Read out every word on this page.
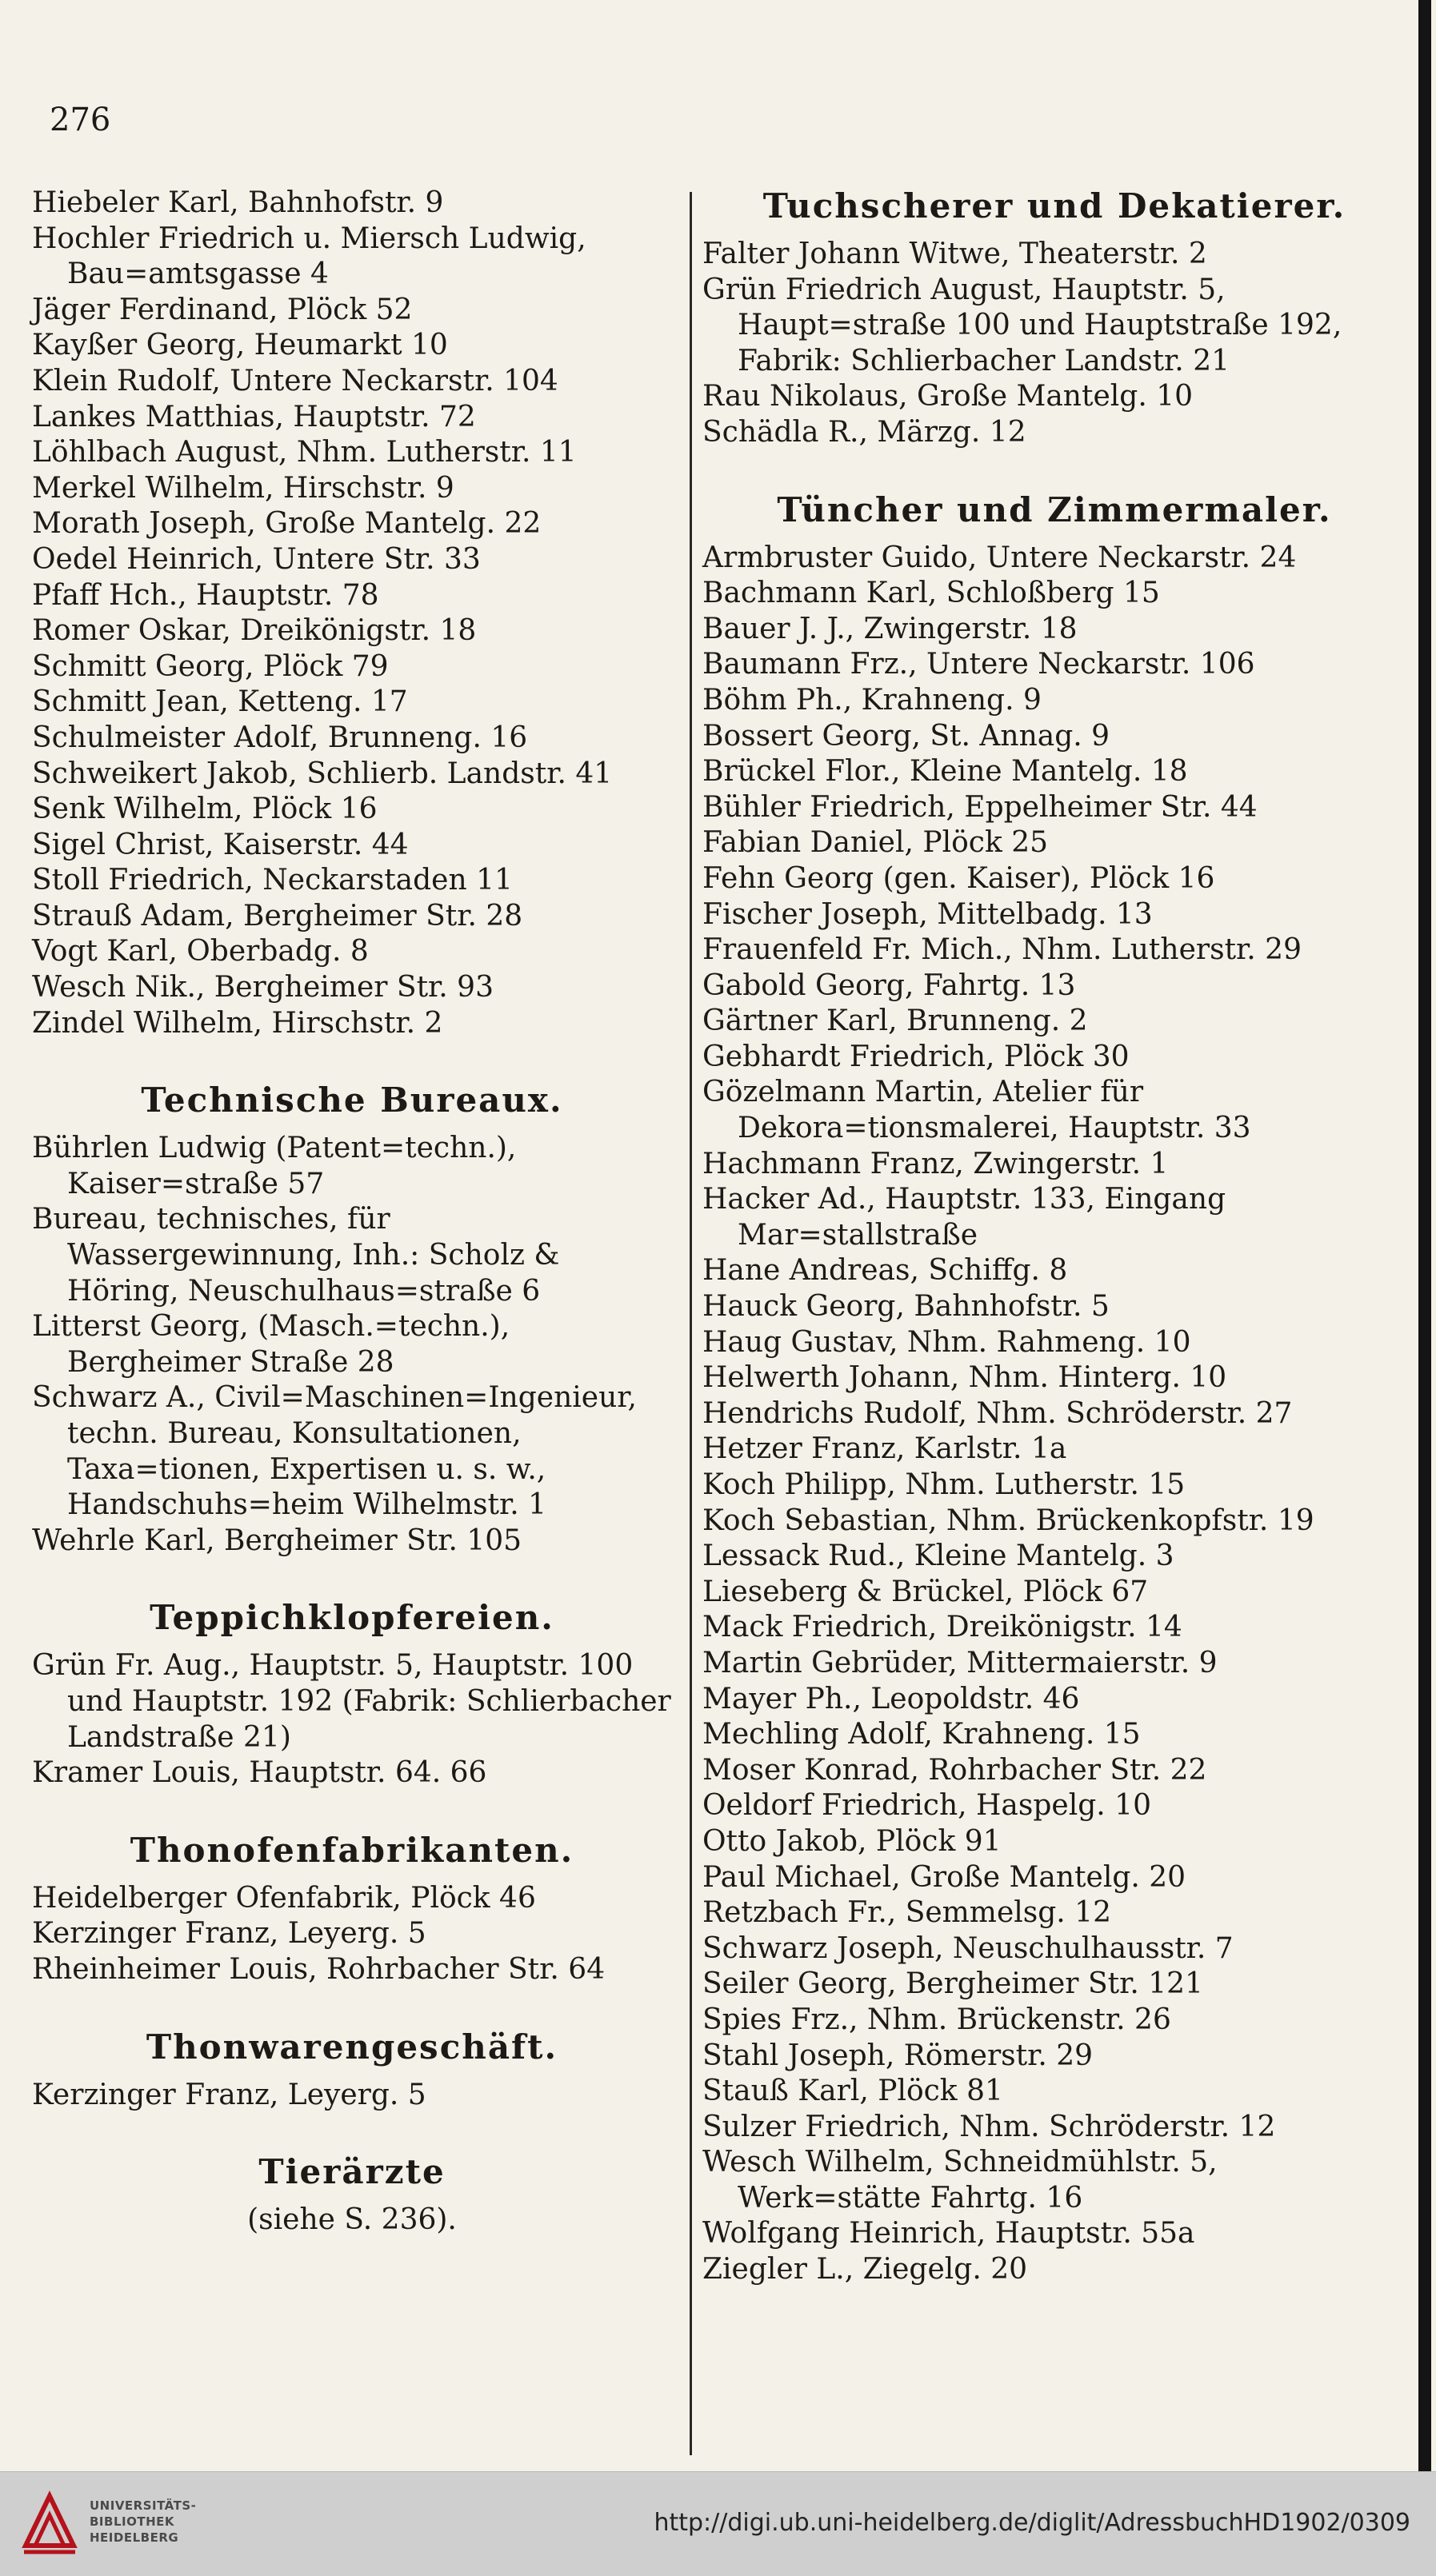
276
Hiebeler Karl, Bahnhofstr. 9
Hochler Friedrich u. Miersch Ludwig, Bau=amtsgasse 4
Jäger Ferdinand, Plöck 52
Kayßer Georg, Heumarkt 10
Klein Rudolf, Untere Neckarstr. 104
Lankes Matthias, Hauptstr. 72
Löhlbach August, Nhm. Lutherstr. 11
Merkel Wilhelm, Hirschstr. 9
Morath Joseph, Große Mantelg. 22
Oedel Heinrich, Untere Str. 33
Pfaff Hch., Hauptstr. 78
Romer Oskar, Dreikönigstr. 18
Schmitt Georg, Plöck 79
Schmitt Jean, Ketteng. 17
Schulmeister Adolf, Brunneng. 16
Schweikert Jakob, Schlierb. Landstr. 41
Senk Wilhelm, Plöck 16
Sigel Christ, Kaiserstr. 44
Stoll Friedrich, Neckarstaden 11
Strauß Adam, Bergheimer Str. 28
Vogt Karl, Oberbadg. 8
Wesch Nik., Bergheimer Str. 93
Zindel Wilhelm, Hirschstr. 2
Technische Bureaux.
Bührlen Ludwig (Patent=techn.), Kaiser=straße 57
Bureau, technisches, für Wassergewinnung, Inh.: Scholz & Höring, Neuschulhaus=straße 6
Litterst Georg, (Masch.=techn.), Bergheimer Straße 28
Schwarz A., Civil=Maschinen=Ingenieur, techn. Bureau, Konsultationen, Taxa=tionen, Expertisen u. s. w., Handschuhs=heim Wilhelmstr. 1
Wehrle Karl, Bergheimer Str. 105
Teppichklopfereien.
Grün Fr. Aug., Hauptstr. 5, Hauptstr. 100 und Hauptstr. 192 (Fabrik: Schlierbacher Landstraße 21)
Kramer Louis, Hauptstr. 64. 66
Thonofenfabrikanten.
Heidelberger Ofenfabrik, Plöck 46
Kerzinger Franz, Leyerg. 5
Rheinheimer Louis, Rohrbacher Str. 64
Thonwarengeschäft.
Kerzinger Franz, Leyerg. 5
Tierärzte
(siehe S. 236).
Tuchscherer und Dekatierer.
Falter Johann Witwe, Theaterstr. 2
Grün Friedrich August, Hauptstr. 5, Haupt=straße 100 und Hauptstraße 192, Fabrik: Schlierbacher Landstr. 21
Rau Nikolaus, Große Mantelg. 10
Schädla R., Märzg. 12
Tüncher und Zimmermaler.
Armbruster Guido, Untere Neckarstr. 24
Bachmann Karl, Schloßberg 15
Bauer J. J., Zwingerstr. 18
Baumann Frz., Untere Neckarstr. 106
Böhm Ph., Krahneng. 9
Bossert Georg, St. Annag. 9
Brückel Flor., Kleine Mantelg. 18
Bühler Friedrich, Eppelheimer Str. 44
Fabian Daniel, Plöck 25
Fehn Georg (gen. Kaiser), Plöck 16
Fischer Joseph, Mittelbadg. 13
Frauenfeld Fr. Mich., Nhm. Lutherstr. 29
Gabold Georg, Fahrtg. 13
Gärtner Karl, Brunneng. 2
Gebhardt Friedrich, Plöck 30
Gözelmann Martin, Atelier für Dekora=tionsmalerei, Hauptstr. 33
Hachmann Franz, Zwingerstr. 1
Hacker Ad., Hauptstr. 133, Eingang Mar=stallstraße
Hane Andreas, Schiffg. 8
Hauck Georg, Bahnhofstr. 5
Haug Gustav, Nhm. Rahmeng. 10
Helwerth Johann, Nhm. Hinterg. 10
Hendrichs Rudolf, Nhm. Schröderstr. 27
Hetzer Franz, Karlstr. 1a
Koch Philipp, Nhm. Lutherstr. 15
Koch Sebastian, Nhm. Brückenkopfstr. 19
Lessack Rud., Kleine Mantelg. 3
Lieseberg & Brückel, Plöck 67
Mack Friedrich, Dreikönigstr. 14
Martin Gebrüder, Mittermaierstr. 9
Mayer Ph., Leopoldstr. 46
Mechling Adolf, Krahneng. 15
Moser Konrad, Rohrbacher Str. 22
Oeldorf Friedrich, Haspelg. 10
Otto Jakob, Plöck 91
Paul Michael, Große Mantelg. 20
Retzbach Fr., Semmelsg. 12
Schwarz Joseph, Neuschulhausstr. 7
Seiler Georg, Bergheimer Str. 121
Spies Frz., Nhm. Brückenstr. 26
Stahl Joseph, Römerstr. 29
Stauß Karl, Plöck 81
Sulzer Friedrich, Nhm. Schröderstr. 12
Wesch Wilhelm, Schneidmühlstr. 5, Werk=stätte Fahrtg. 16
Wolfgang Heinrich, Hauptstr. 55a
Ziegler L., Ziegelg. 20
UNIVERSITÄTS-
BIBLIOTHEK
HEIDELBERG
http://digi.ub.uni-heidelberg.de/diglit/AdressbuchHD1902/0309
